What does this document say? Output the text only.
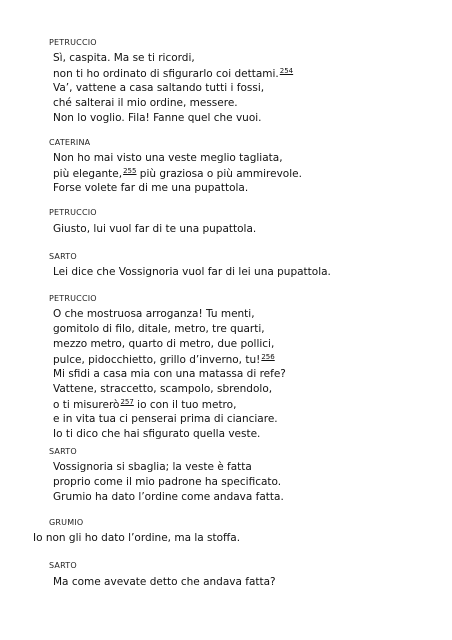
PETRUCCIO
Sì, caspita. Ma se ti ricordi,
non ti ho ordinato di sfigurarlo coi dettami.$^{254}$
Va’, vattene a casa saltando tutti i fossi,
ché salterai il mio ordine, messere.
Non lo voglio. Fila! Fanne quel che vuoi.
CATERINA
Non ho mai visto una veste meglio tagliata,
più elegante,$^{255}$ più graziosa o più ammirevole.
Forse volete far di me una pupattola.
PETRUCCIO
Giusto, lui vuol far di te una pupattola.
SARTO
Lei dice che Vossignoria vuol far di lei una pupattola.
PETRUCCIO
O che mostruosa arroganza! Tu menti,
gomitolo di filo, ditale, metro, tre quarti,
mezzo metro, quarto di metro, due pollici,
pulce, pidocchietto, grillo d’inverno, tu!$^{256}$
Mi sfidi a casa mia con una matassa di refe?
Vattene, straccetto, scampolo, sbrendolo,
o ti misurerò$^{257}$ io con il tuo metro,
e in vita tua ci penserai prima di cianciare.
Io ti dico che hai sfigurato quella veste.
SARTO
Vossignoria si sbaglia; la veste è fatta
proprio come il mio padrone ha specificato.
Grumio ha dato l’ordine come andava fatta.
GRUMIO
Io non gli ho dato l’ordine, ma la stoffa.
SARTO
Ma come avevate detto che andava fatta?
